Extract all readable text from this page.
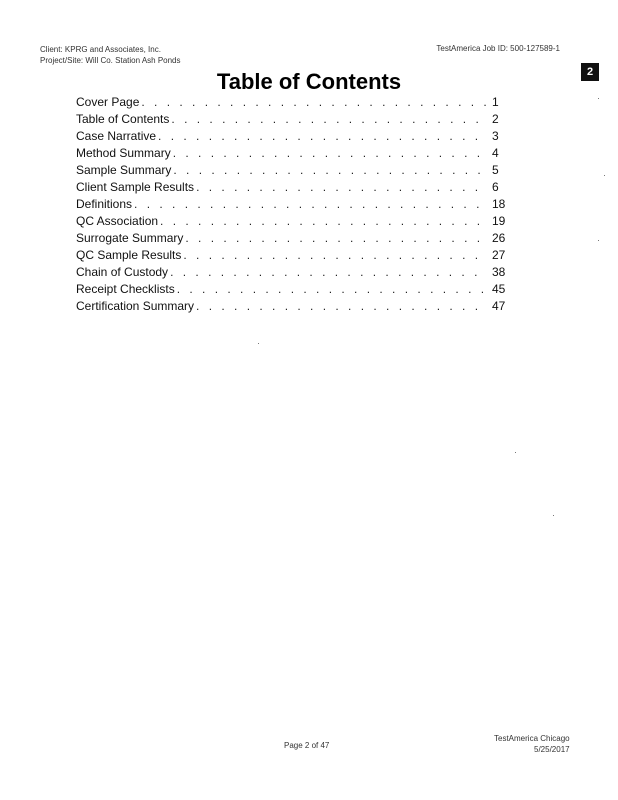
Client: KPRG and Associates, Inc.
Project/Site: Will Co. Station Ash Ponds
TestAmerica Job ID: 500-127589-1
2
Table of Contents
Cover Page . . .	1
Table of Contents . . .	2
Case Narrative . . .	3
Method Summary . . .	4
Sample Summary . . .	5
Client Sample Results . . .	6
Definitions . . .	18
QC Association . . .	19
Surrogate Summary . . .	26
QC Sample Results . . .	27
Chain of Custody . . .	38
Receipt Checklists . . .	45
Certification Summary . . .	47
Page 2 of 47
TestAmerica Chicago
5/25/2017
